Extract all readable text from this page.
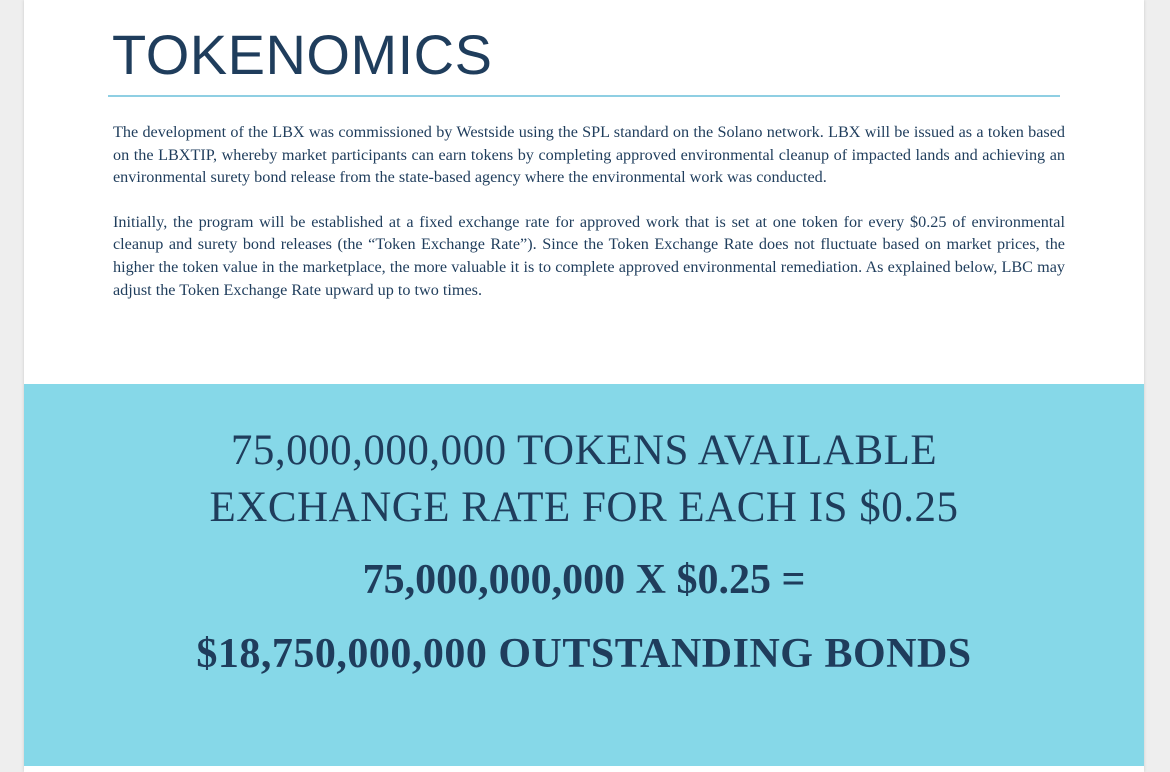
TOKENOMICS

The development of the LBX was commissioned by Westside using the SPL standard on the Solano network. LBX will be issued as a token based on the LBXTIP, whereby market participants can earn tokens by completing approved environmental cleanup of impacted lands and achieving an environmental surety bond release from the state-based agency where the environmental work was conducted.

Initially, the program will be established at a fixed exchange rate for approved work that is set at one token for every $0.25 of environmental cleanup and surety bond releases (the “Token Exchange Rate”). Since the Token Exchange Rate does not fluctuate based on market prices, the higher the token value in the marketplace, the more valuable it is to complete approved environmental remediation. As explained below, LBC may adjust the Token Exchange Rate upward up to two times.

75,000,000,000 TOKENS AVAILABLE
EXCHANGE RATE FOR EACH IS $0.25
75,000,000,000 X $0.25 =
$18,750,000,000 OUTSTANDING BONDS
